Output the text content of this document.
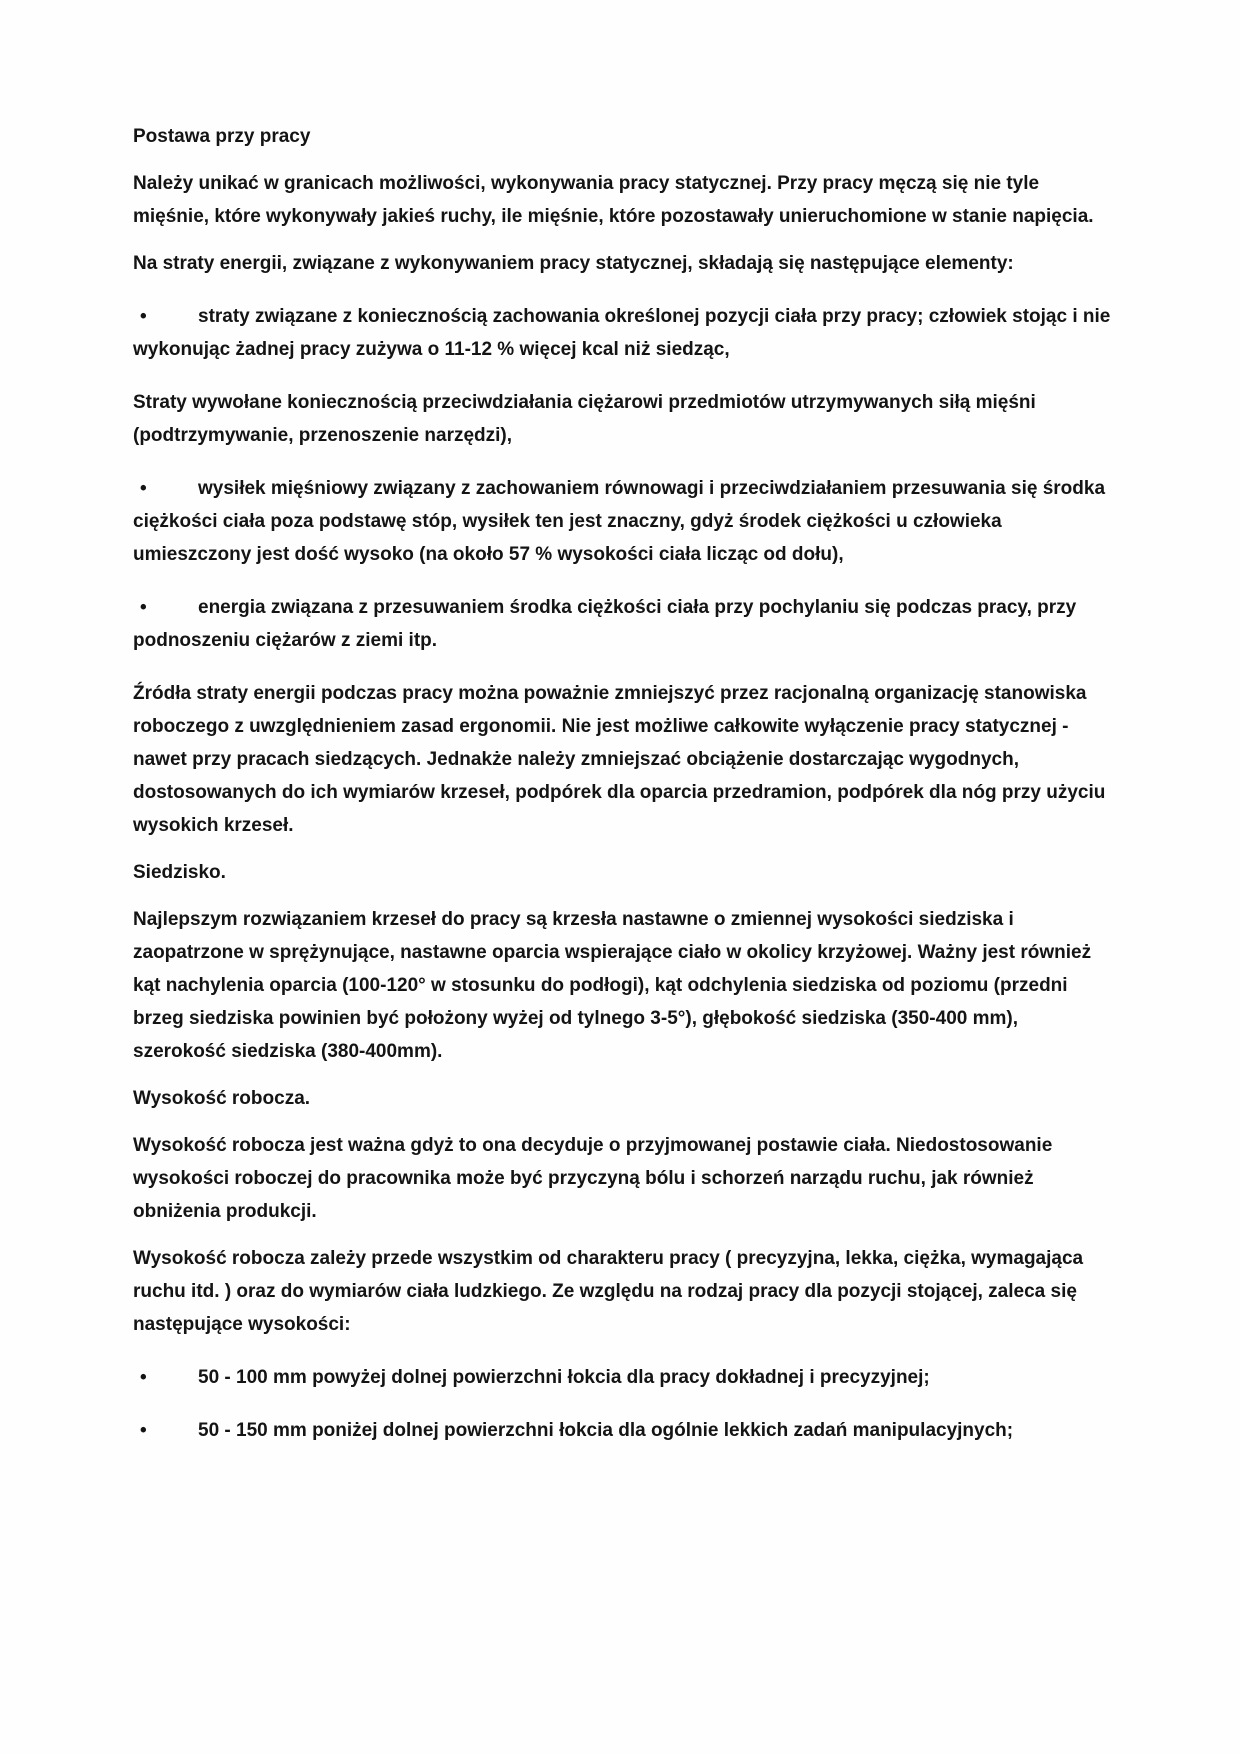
Postawa przy pracy

Należy unikać w granicach możliwości, wykonywania pracy statycznej. Przy pracy męczą się nie tyle mięśnie, które wykonywały jakieś ruchy, ile mięśnie, które pozostawały unieruchomione w stanie napięcia.

Na straty energii, związane z wykonywaniem pracy statycznej, składają się następujące elementy:

•	straty związane z koniecznością zachowania określonej pozycji ciała przy pracy; człowiek stojąc i nie wykonując żadnej pracy zużywa o 11-12 % więcej kcal niż siedząc,

Straty wywołane koniecznością przeciwdziałania ciężarowi przedmiotów utrzymywanych siłą mięśni (podtrzymywanie, przenoszenie narzędzi),

•	wysiłek mięśniowy związany z zachowaniem równowagi i przeciwdziałaniem przesuwania się środka ciężkości ciała poza podstawę stóp, wysiłek ten jest znaczny, gdyż środek ciężkości u człowieka umieszczony jest dość wysoko (na około 57 % wysokości ciała licząc od dołu),

•	energia związana z przesuwaniem środka ciężkości ciała przy pochylaniu się podczas pracy, przy podnoszeniu ciężarów z ziemi itp.

Źródła straty energii podczas pracy można poważnie zmniejszyć przez racjonalną organizację stanowiska roboczego z uwzględnieniem zasad ergonomii. Nie jest możliwe całkowite wyłączenie pracy statycznej - nawet przy pracach siedzących. Jednakże należy zmniejszać obciążenie dostarczając wygodnych, dostosowanych do ich wymiarów krzeseł, podpórek dla oparcia przedramion, podpórek dla nóg przy użyciu wysokich krzeseł.

Siedzisko.

Najlepszym rozwiązaniem krzeseł do pracy są krzesła nastawne o zmiennej wysokości siedziska i zaopatrzone w sprężynujące, nastawne oparcia wspierające ciało w okolicy krzyżowej. Ważny jest również kąt nachylenia oparcia (100-120° w stosunku do podłogi), kąt odchylenia siedziska od poziomu (przedni brzeg siedziska powinien być położony wyżej od tylnego 3-5°), głębokość siedziska (350-400 mm), szerokość siedziska (380-400mm).

Wysokość robocza.

Wysokość robocza jest ważna gdyż to ona decyduje o przyjmowanej postawie ciała. Niedostosowanie wysokości roboczej do pracownika może być przyczyną bólu i schorzeń narządu ruchu, jak również obniżenia produkcji.

Wysokość robocza zależy przede wszystkim od charakteru pracy ( precyzyjna, lekka, ciężka, wymagająca ruchu itd. ) oraz do wymiarów ciała ludzkiego. Ze względu na rodzaj pracy dla pozycji stojącej, zaleca się następujące wysokości:

•	50 - 100 mm powyżej dolnej powierzchni łokcia dla pracy dokładnej i precyzyjnej;

•	50 - 150 mm poniżej dolnej powierzchni łokcia dla ogólnie lekkich zadań manipulacyjnych;
